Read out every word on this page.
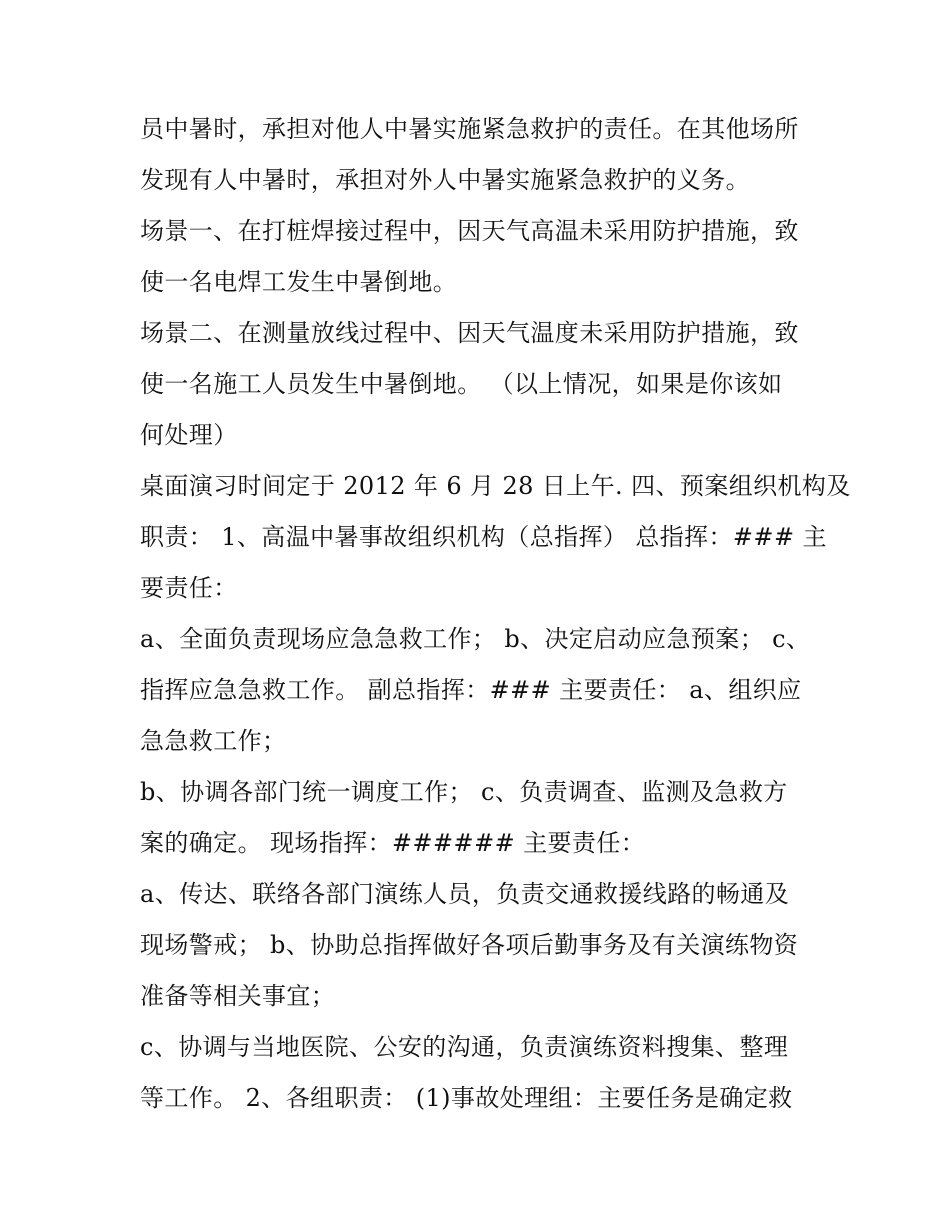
员中暑时，承担对他人中暑实施紧急救护的责任。在其他场所
发现有人中暑时，承担对外人中暑实施紧急救护的义务。
场景一、在打桩焊接过程中，因天气高温未采用防护措施，致
使一名电焊工发生中暑倒地。
场景二、在测量放线过程中、因天气温度未采用防护措施，致
使一名施工人员发生中暑倒地。 （以上情况，如果是你该如
何处理）
桌面演习时间定于 2012 年 6 月 28 日上午. 四、预案组织机构及
职责： 1、高温中暑事故组织机构（总指挥） 总指挥：### 主
要责任：
a、全面负责现场应急急救工作； b、决定启动应急预案； c、
指挥应急急救工作。 副总指挥：### 主要责任： a、组织应
急急救工作；
b、协调各部门统一调度工作； c、负责调查、监测及急救方
案的确定。 现场指挥：###### 主要责任：
a、传达、联络各部门演练人员，负责交通救援线路的畅通及
现场警戒； b、协助总指挥做好各项后勤事务及有关演练物资
准备等相关事宜；
c、协调与当地医院、公安的沟通，负责演练资料搜集、整理
等工作。 2、各组职责： (1)事故处理组：主要任务是确定救
